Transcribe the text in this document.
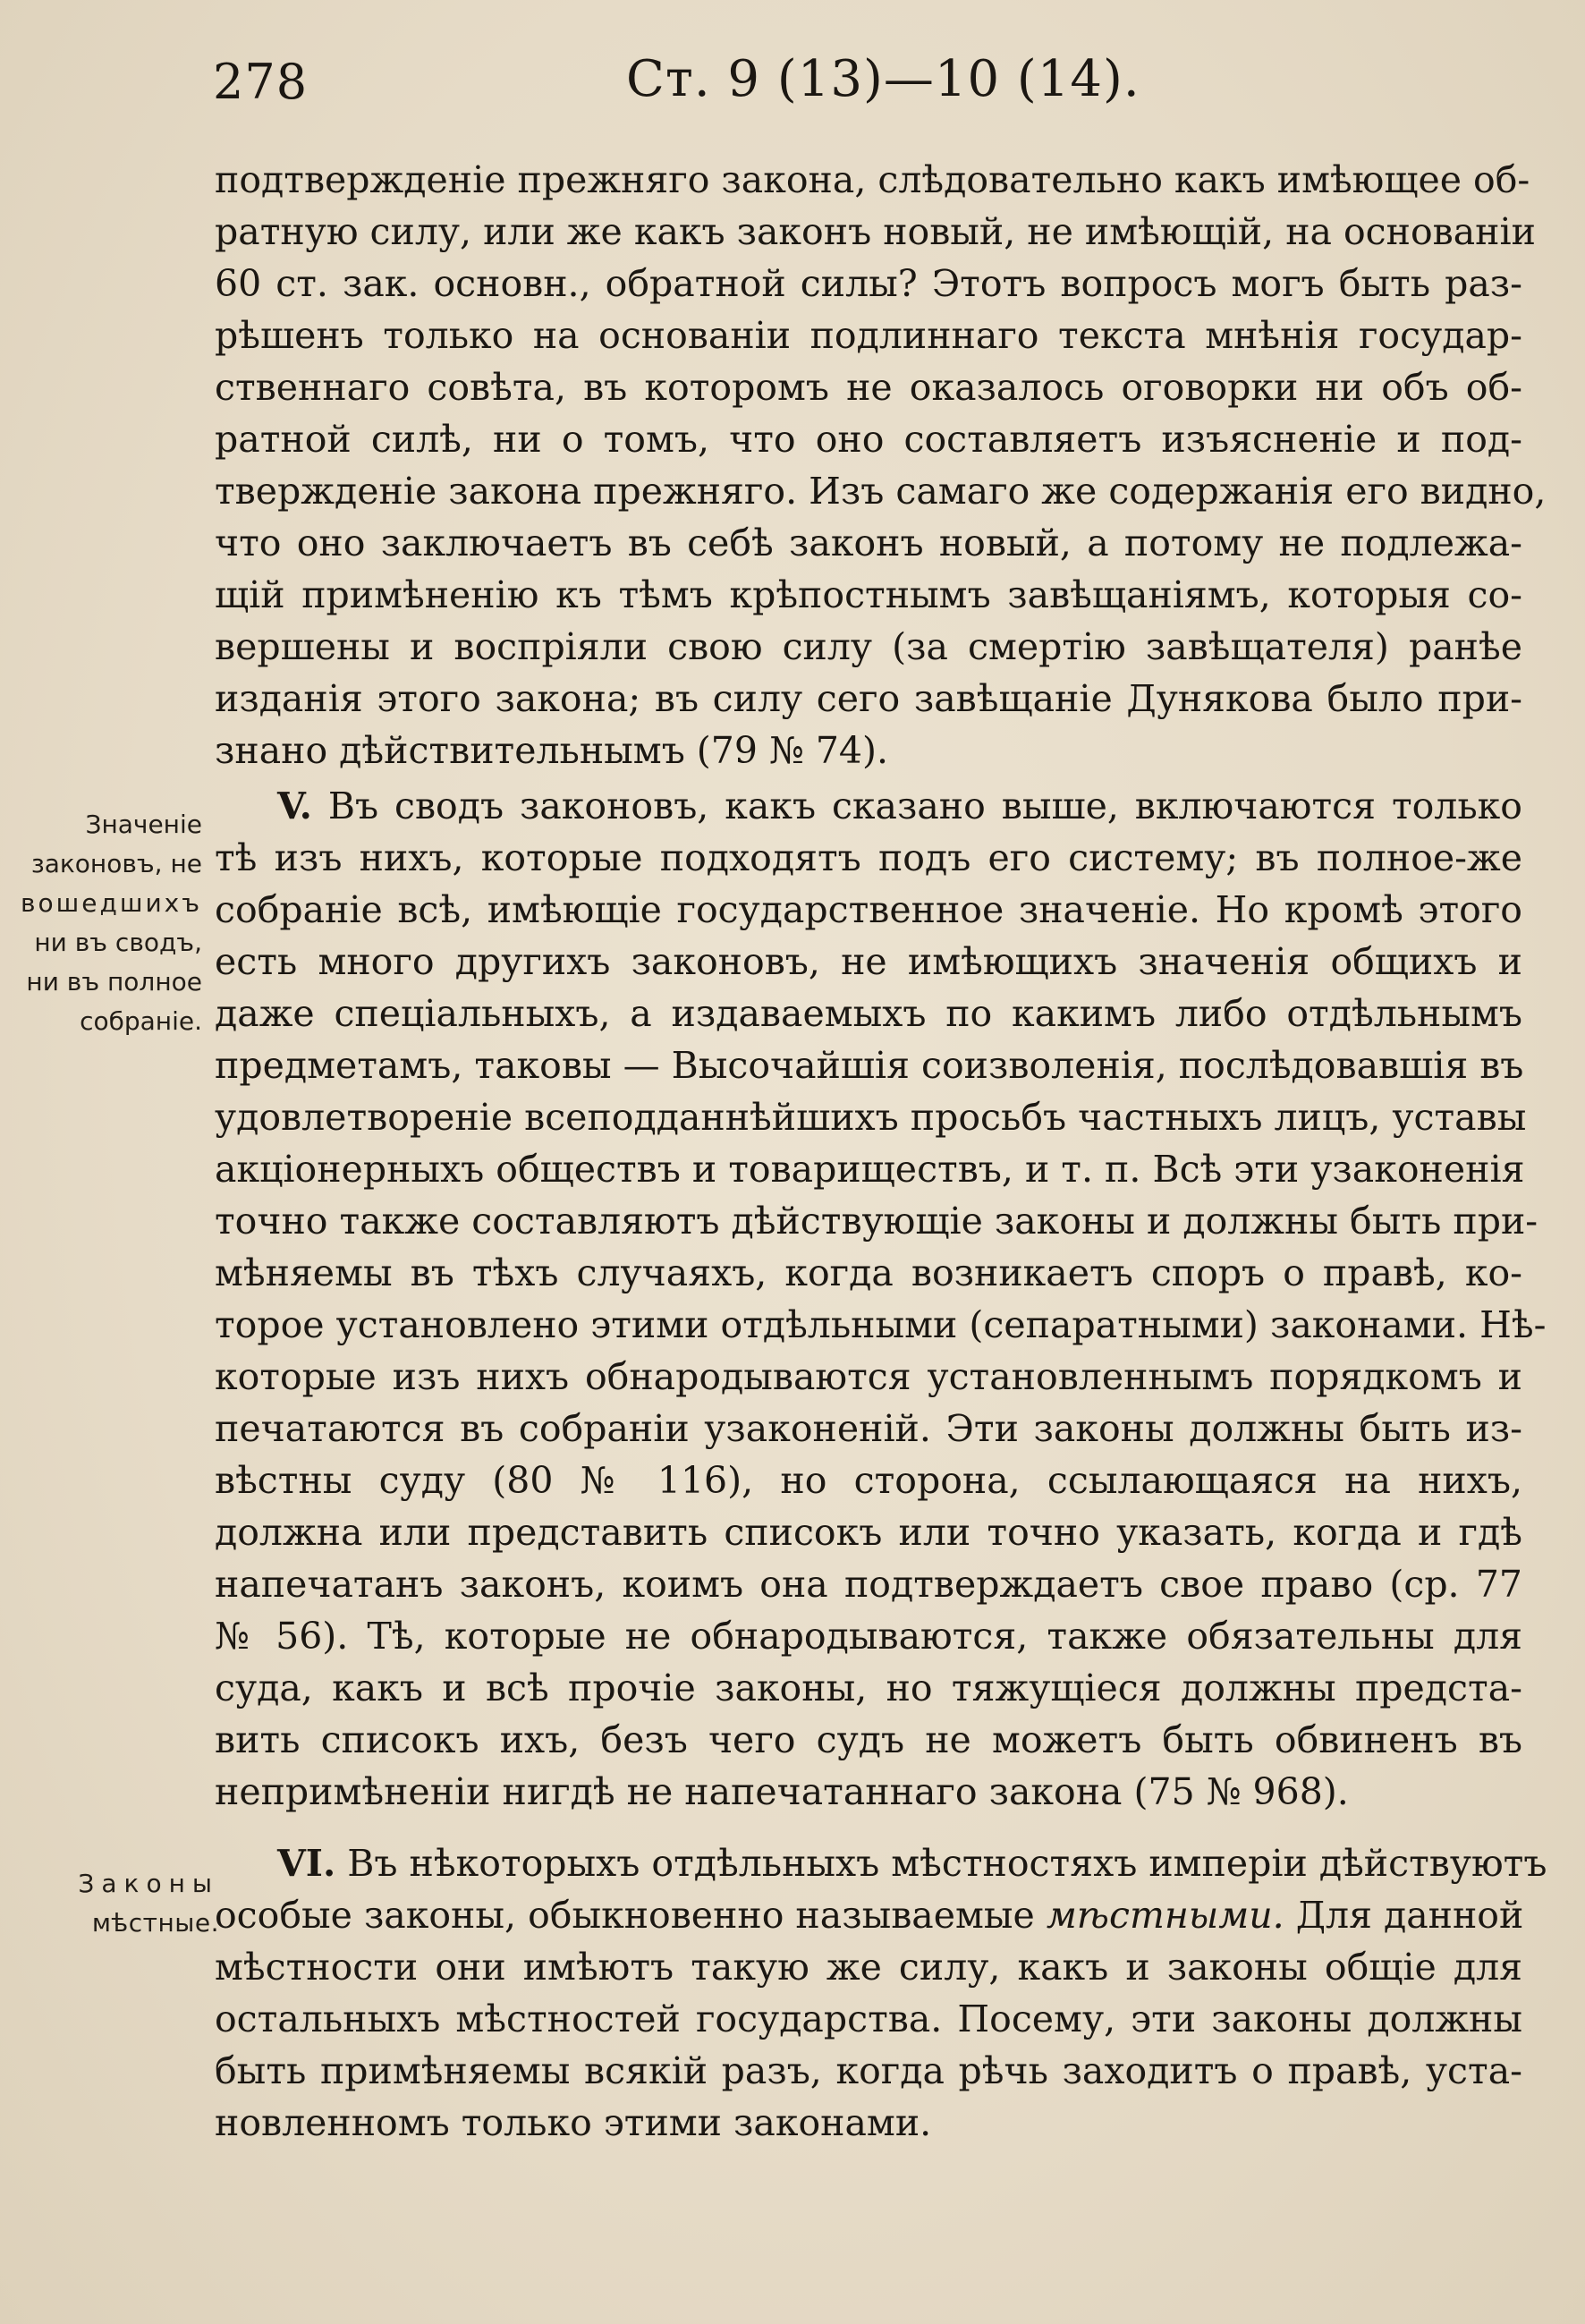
278	Ст. 9 (13)—10 (14).
Значеніе
законовъ, не
вошедшихъ
ни въ сводъ,
ни въ полное
собраніе.
Законы
мѣстные.
подтвержденіе прежняго закона, слѣдовательно какъ имѣющее об-
ратную силу, или же какъ законъ новый, не имѣющій, на основаніи
60 ст. зак. основн., обратной силы? Этотъ вопросъ могъ быть раз-
рѣшенъ только на основаніи подлиннаго текста мнѣнія государ-
ственнаго совѣта, въ которомъ не оказалось оговорки ни объ об-
ратной силѣ, ни о томъ, что оно составляетъ изъясненіе и под-
твержденіе закона прежняго. Изъ самаго же содержанія его видно,
что оно заключаетъ въ себѣ законъ новый, а потому не подлежа-
щій примѣненію къ тѣмъ крѣпостнымъ завѣщаніямъ, которыя со-
вершены и воспріяли свою силу (за смертію завѣщателя) ранѣе
изданія этого закона; въ силу сего завѣщаніе Дунякова было при-
знано дѣйствительнымъ (79 № 74).
V. Въ сводъ законовъ, какъ сказано выше, включаются только
тѣ изъ нихъ, которые подходятъ подъ его систему; въ полное-же
собраніе всѣ, имѣющіе государственное значеніе. Но кромѣ этого
есть много другихъ законовъ, не имѣющихъ значенія общихъ и
даже спеціальныхъ, а издаваемыхъ по какимъ либо отдѣльнымъ
предметамъ, таковы — Высочайшія соизволенія, послѣдовавшія въ
удовлетвореніе всеподданнѣйшихъ просьбъ частныхъ лицъ, уставы
акціонерныхъ обществъ и товариществъ, и т. п. Всѣ эти узаконенія
точно также составляютъ дѣйствующіе законы и должны быть при-
мѣняемы въ тѣхъ случаяхъ, когда возникаетъ споръ о правѣ, ко-
торое установлено этими отдѣльными (сепаратными) законами. Нѣ-
которые изъ нихъ обнародываются установленнымъ порядкомъ и
печатаются въ собраніи узаконеній. Эти законы должны быть из-
вѣстны суду (80 № 116), но сторона, ссылающаяся на нихъ,
должна или представить списокъ или точно указать, когда и гдѣ
напечатанъ законъ, коимъ она подтверждаетъ свое право (ср. 77
№ 56). Тѣ, которые не обнародываются, также обязательны для
суда, какъ и всѣ прочіе законы, но тяжущіеся должны предста-
вить списокъ ихъ, безъ чего судъ не можетъ быть обвиненъ въ
непримѣненіи нигдѣ не напечатаннаго закона (75 № 968).
VI. Въ нѣкоторыхъ отдѣльныхъ мѣстностяхъ имперіи дѣйствуютъ
особые законы, обыкновенно называемые мѣстными. Для данной
мѣстности они имѣютъ такую же силу, какъ и законы общіе для
остальныхъ мѣстностей государства. Посему, эти законы должны
быть примѣняемы всякій разъ, когда рѣчь заходитъ о правѣ, уста-
новленномъ только этими законами.
